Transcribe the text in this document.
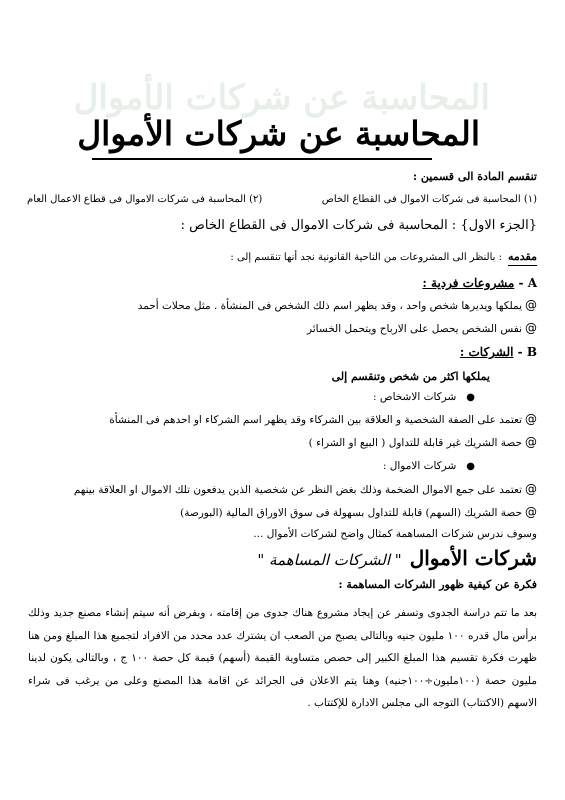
المحاسبة عن شركات الأموال
المحاسبة عن شركات الأموال
تنقسم المادة الى قسمين :
(١) المحاسبة فى شركات الاموال فى القطاع الخاص
(٢) المحاسبة فى شركات الاموال فى قطاع الاعمال العام
{الجزء الاول} : المحاسبة فى شركات الاموال فى القطاع الخاص :
مقدمه: بالنظر الى المشروعات من الناحية القانونية نجد أنها تنقسم إلى :
A - مشروعات فردية :
@يملكها ويديرها شخص واحد ، وقد يظهر اسم ذلك الشخص فى المنشأة . مثل محلات أحمد
@نفس الشخص يحصل على الارباح ويتحمل الخسائر
B - الشركات :
يملكها اكثر من شخص وتنقسم إلى
●شركات الاشخاص :
@تعتمد على الصفة الشخصية و العلاقة بين الشركاء وقد يظهر اسم الشركاء او احدهم فى المنشأة
@حصة الشريك غير قابلة للتداول ( البيع او الشراء )
●شركات الاموال :
@تعتمد على جمع الاموال الضخمة وذلك بغض النظر عن شخصية الذين يدفعون تلك الاموال او العلاقة بينهم
@حصة الشريك (السهم) قابلة للتداول بسهولة فى سوق الاوراق المالية (البورصة)
وسوف ندرس شركات المساهمة كمثال واضح لشركات الأموال ...
شركات الأموال" الشركات المساهمة "
فكرة عن كيفية ظهور الشركات المساهمة :
بعد ما تتم دراسة الجدوى وتسفر عن إيجاد مشروع هناك جدوى من إقامته ، وبفرض أنه سيتم إنشاء مصنع جديد وذلك برأس مال قدره ١٠٠ مليون جنيه وبالتالى يصبح من الصعب ان يشترك عدد محدد من الافراد لتجميع هذا المبلغ ومن هنا ظهرت فكرة تقسيم هذا المبلغ الكبير إلى حصص متساوية القيمة (أسهم) قيمة كل حصة ١٠٠ ج ، وبالتالى يكون لدينا مليون حصة (١٠٠مليون÷١٠٠جنيه) وهنا يتم الاعلان فى الجرائد عن اقامة هذا المصنع وعلى من يرغب فى شراء الاسهم (الاكتتاب) التوجه الى مجلس الادارة للإكتتاب .
